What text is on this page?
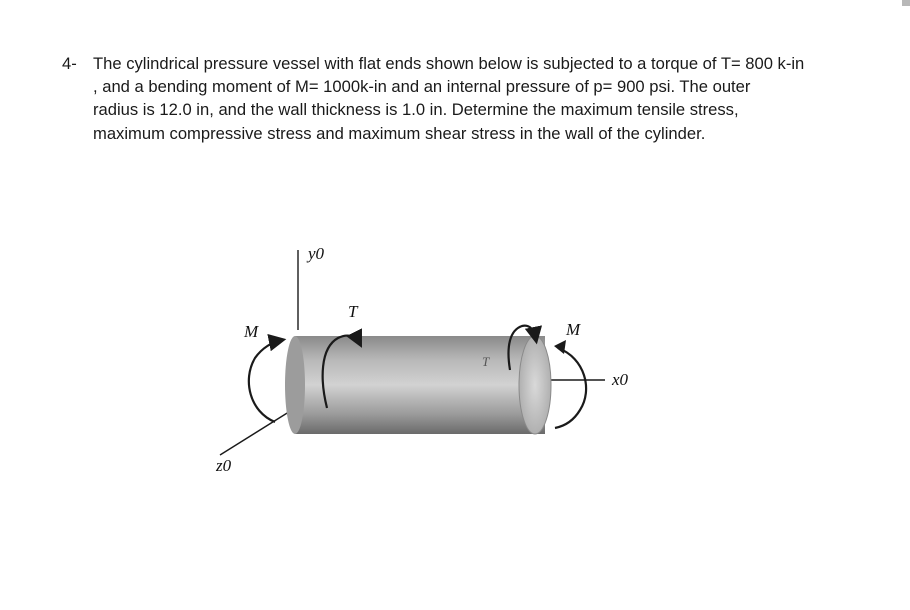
4- The cylindrical pressure vessel with flat ends shown below is subjected to a torque of T= 800 k-in
, and a bending moment of M= 1000k-in and an internal pressure of p= 900 psi. The outer
radius is 12.0 in, and the wall thickness is 1.0 in. Determine the maximum tensile stress,
maximum compressive stress and maximum shear stress in the wall of the cylinder.
y0
T
T
M	M
x0
z0
